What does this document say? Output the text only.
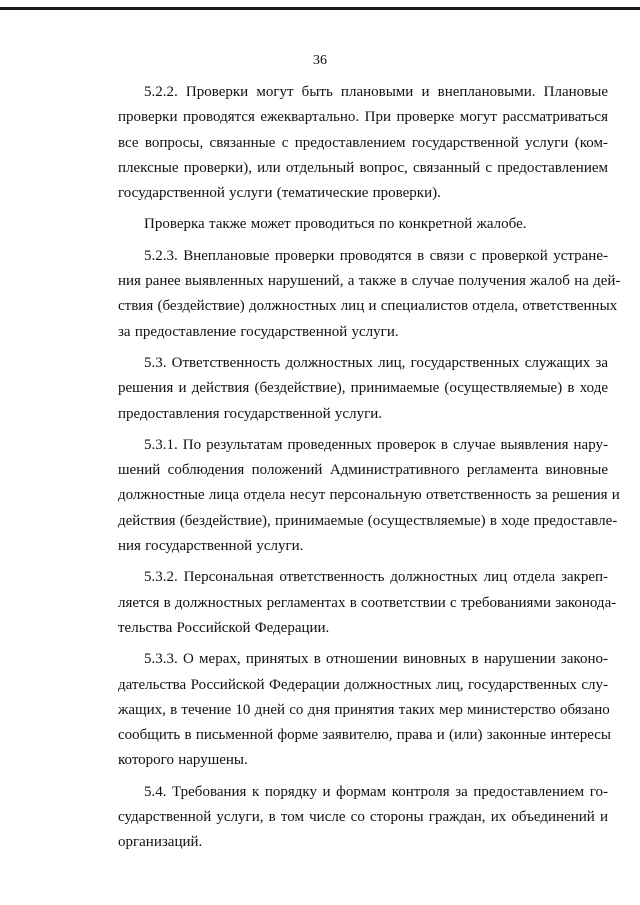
36

5.2.2. Проверки могут быть плановыми и внеплановыми. Плановые
проверки проводятся ежеквартально. При проверке могут рассматриваться
все вопросы, связанные с предоставлением государственной услуги (ком-
плексные проверки), или отдельный вопрос, связанный с предоставлением
государственной услуги (тематические проверки).

Проверка также может проводиться по конкретной жалобе.

5.2.3. Внеплановые проверки проводятся в связи с проверкой устране-
ния ранее выявленных нарушений, а также в случае получения жалоб на дей-
ствия (бездействие) должностных лиц и специалистов отдела, ответственных
за предоставление государственной услуги.

5.3. Ответственность должностных лиц, государственных служащих за
решения и действия (бездействие), принимаемые (осуществляемые) в ходе
предоставления государственной услуги.

5.3.1. По результатам проведенных проверок в случае выявления нару-
шений соблюдения положений Административного регламента виновные
должностные лица отдела несут персональную ответственность за решения и
действия (бездействие), принимаемые (осуществляемые) в ходе предоставле-
ния государственной услуги.

5.3.2. Персональная ответственность должностных лиц отдела закреп-
ляется в должностных регламентах в соответствии с требованиями законода-
тельства Российской Федерации.

5.3.3. О мерах, принятых в отношении виновных в нарушении законо-
дательства Российской Федерации должностных лиц, государственных слу-
жащих, в течение 10 дней со дня принятия таких мер министерство обязано
сообщить в письменной форме заявителю, права и (или) законные интересы
которого нарушены.

5.4. Требования к порядку и формам контроля за предоставлением го-
сударственной услуги, в том числе со стороны граждан, их объединений и
организаций.
